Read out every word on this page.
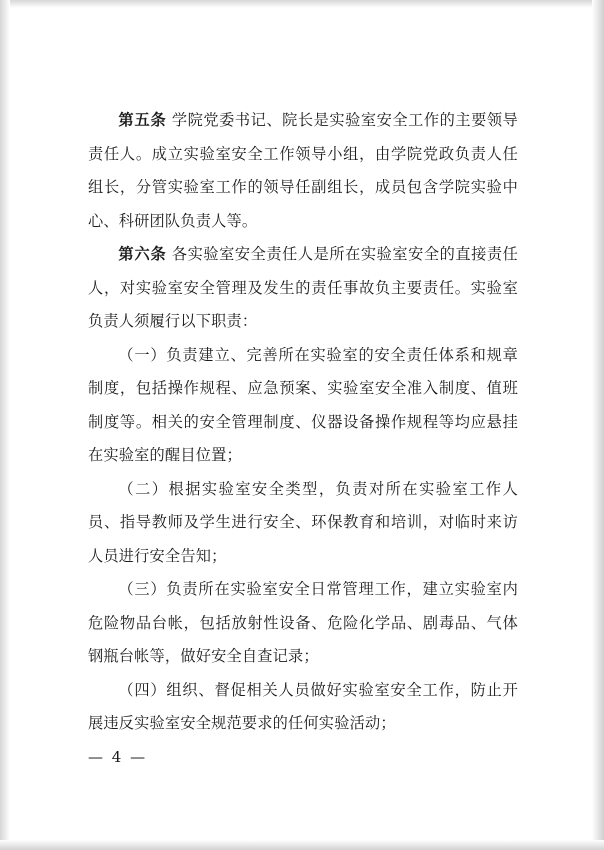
第五条 学院党委书记、院长是实验室安全工作的主要领导责任人。成立实验室安全工作领导小组，由学院党政负责人任组长，分管实验室工作的领导任副组长，成员包含学院实验中心、科研团队负责人等。

第六条 各实验室安全责任人是所在实验室安全的直接责任人，对实验室安全管理及发生的责任事故负主要责任。实验室负责人须履行以下职责：

（一）负责建立、完善所在实验室的安全责任体系和规章制度，包括操作规程、应急预案、实验室安全准入制度、值班制度等。相关的安全管理制度、仪器设备操作规程等均应悬挂在实验室的醒目位置；

（二）根据实验室安全类型，负责对所在实验室工作人员、指导教师及学生进行安全、环保教育和培训，对临时来访人员进行安全告知；

（三）负责所在实验室安全日常管理工作，建立实验室内危险物品台帐，包括放射性设备、危险化学品、剧毒品、气体钢瓶台帐等，做好安全自查记录；

（四）组织、督促相关人员做好实验室安全工作，防止开展违反实验室安全规范要求的任何实验活动；

— 4 —
